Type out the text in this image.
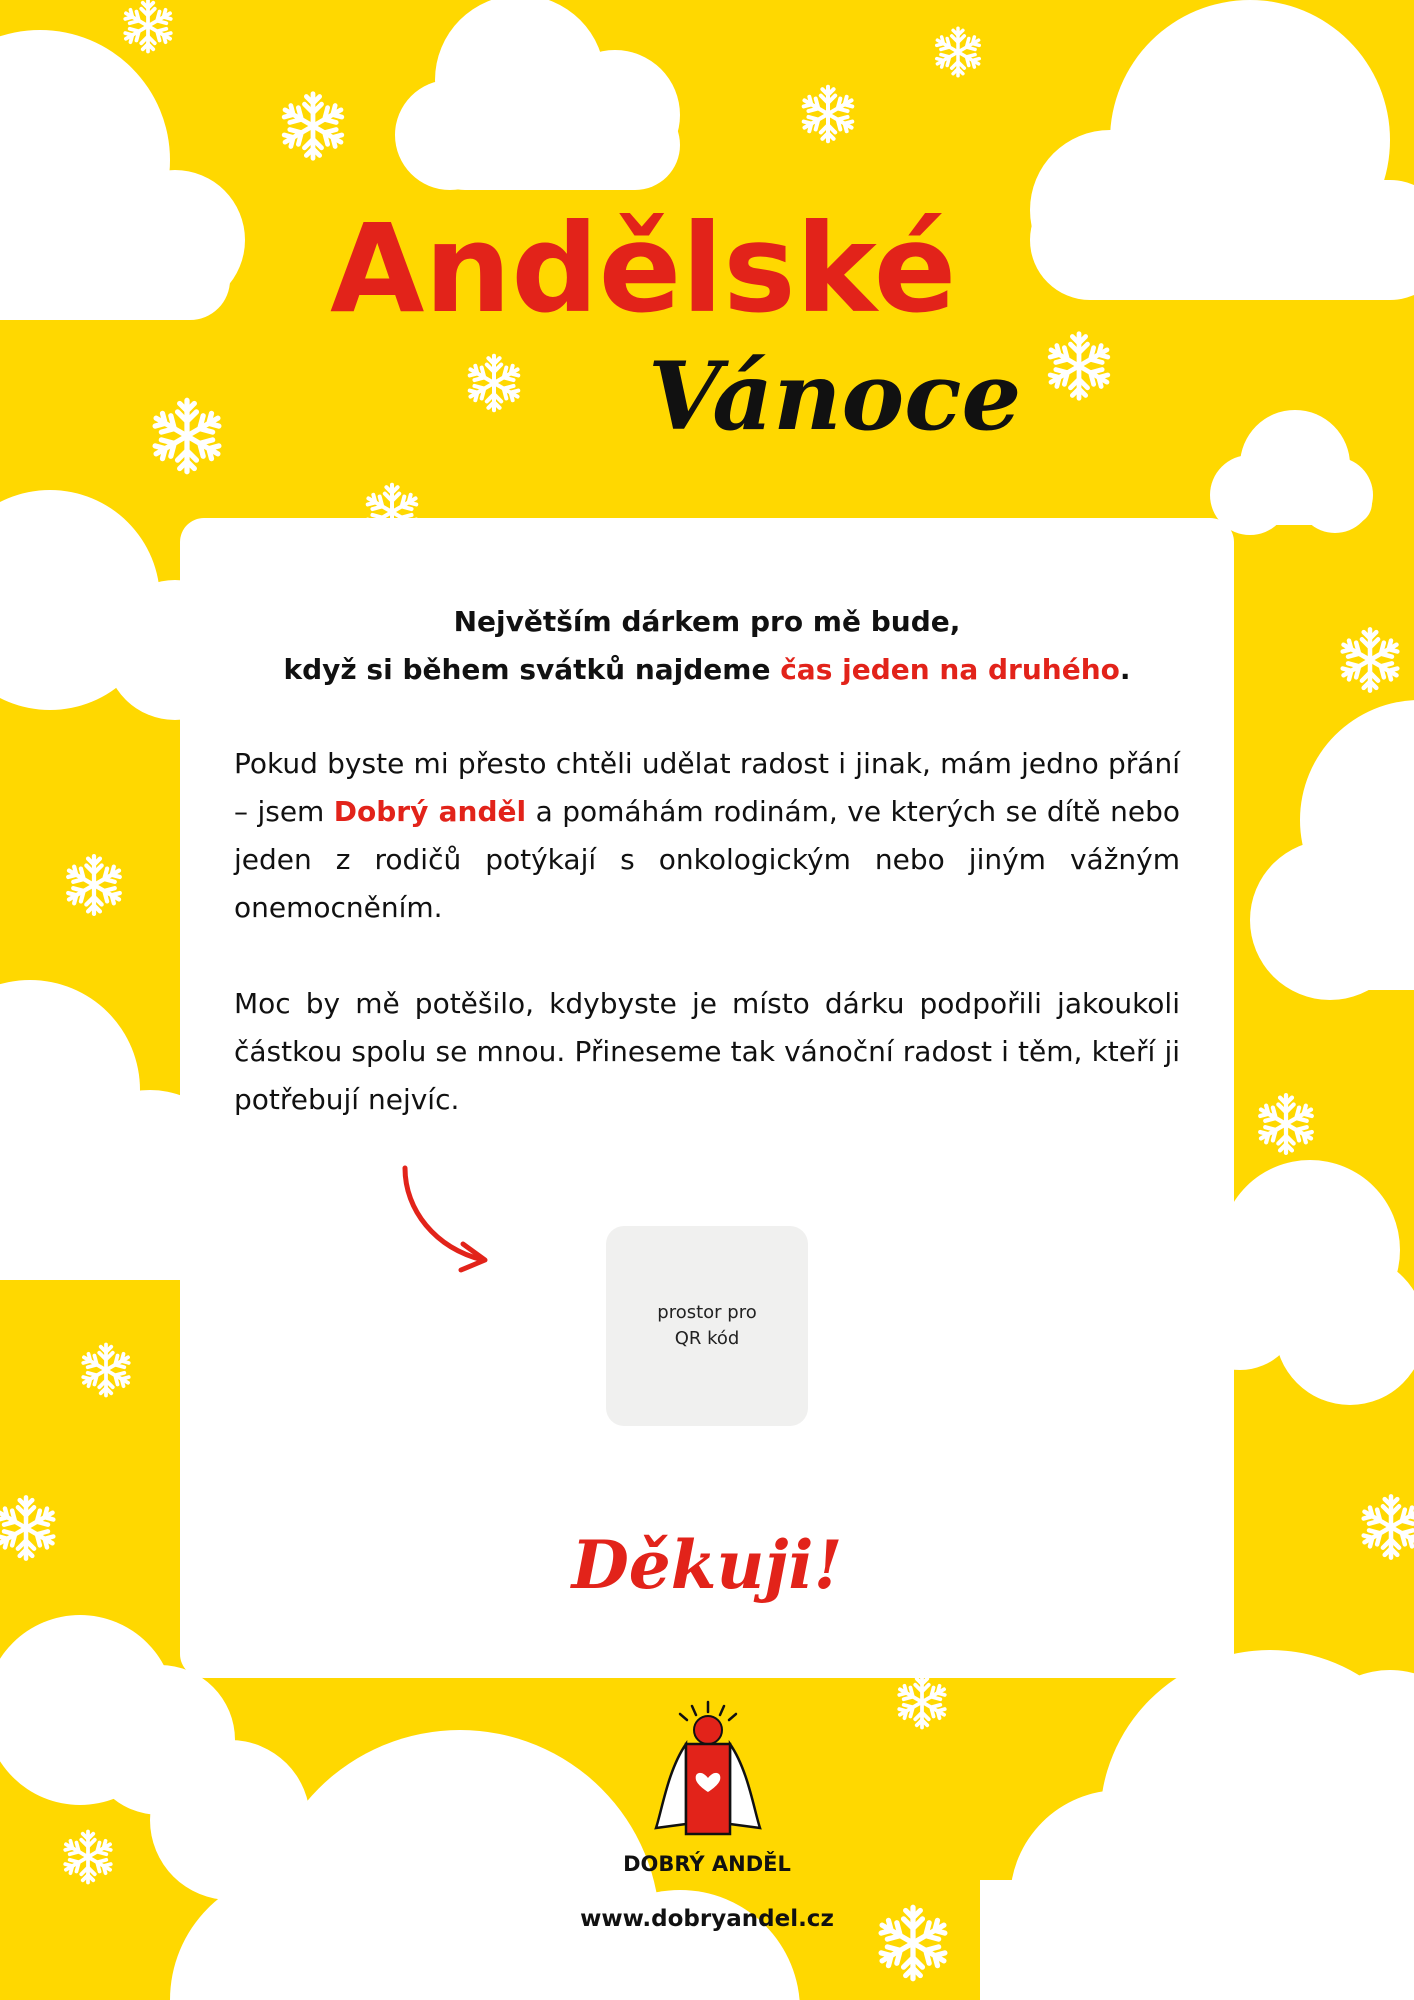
Andělské
Vánoce
Největším dárkem pro mě bude,
když si během svátků najdeme čas jeden na druhého.

Pokud byste mi přesto chtěli udělat radost i jinak, mám jedno přání – jsem Dobrý anděl a pomáhám rodinám, ve kterých se dítě nebo jeden z rodičů potýkají s onkologickým nebo jiným vážným onemocněním.

Moc by mě potěšilo, kdybyste je místo dárku podpořili jakoukoli částkou spolu se mnou. Přineseme tak vánoční radost i těm, kteří ji potřebují nejvíc.

prostor pro
QR kód
Děkuji!
DOBRÝ ANDĚL
www.dobryandel.cz
